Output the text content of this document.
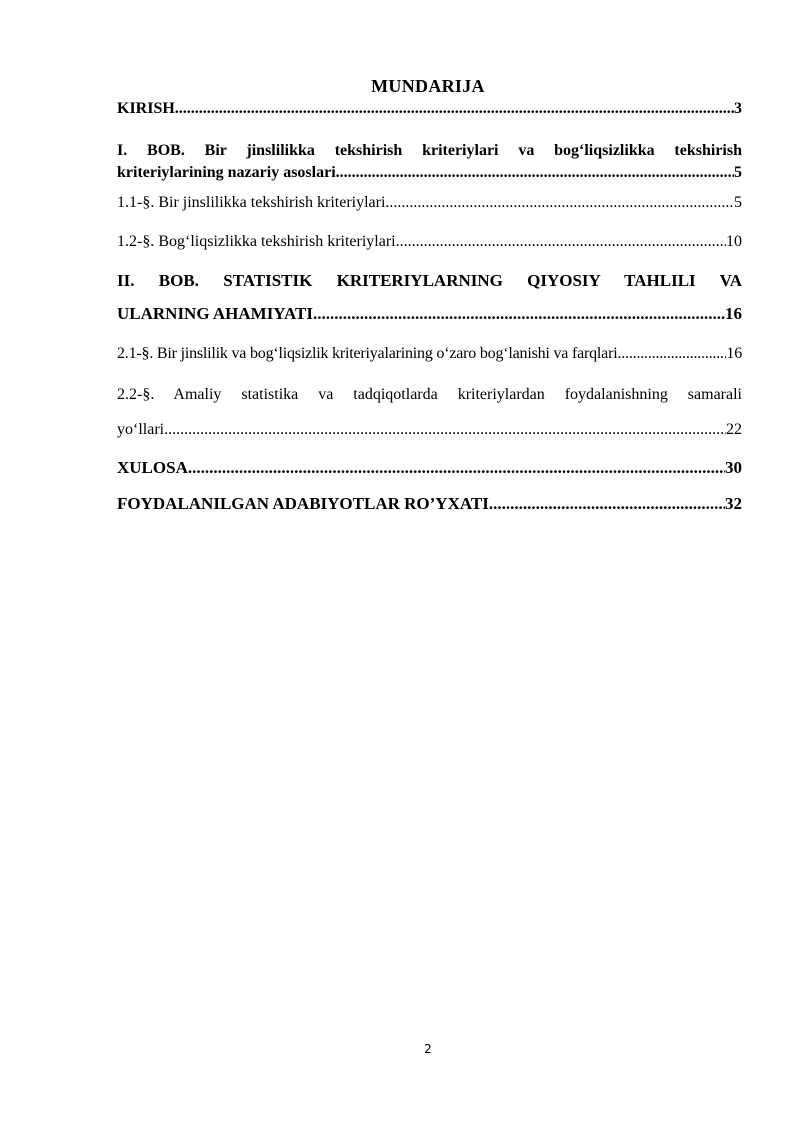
MUNDARIJA
KIRISH .....	3
I. BOB. Bir jinslilikka tekshirish kriteriylari va bog‘liqsizlikka tekshirish
kriteriylarining nazariy asoslari .....	5
1.1-§. Bir jinslilikka tekshirish kriteriylari .....	5
1.2-§. Bog‘liqsizlikka tekshirish kriteriylari .....	10
II. BOB. STATISTIK KRITERIYLARNING QIYOSIY TAHLILI VA
ULARNING AHAMIYATI .....	16
2.1-§. Bir jinslilik va bog‘liqsizlik kriteriyalarining o‘zaro bog‘lanishi va farqlari .....	16
2.2-§. Amaliy statistika va tadqiqotlarda kriteriylardan foydalanishning samarali
yo‘llari .....	22
XULOSA .....	30
FOYDALANILGAN ADABIYOTLAR RO’YXATI .....	32
2
